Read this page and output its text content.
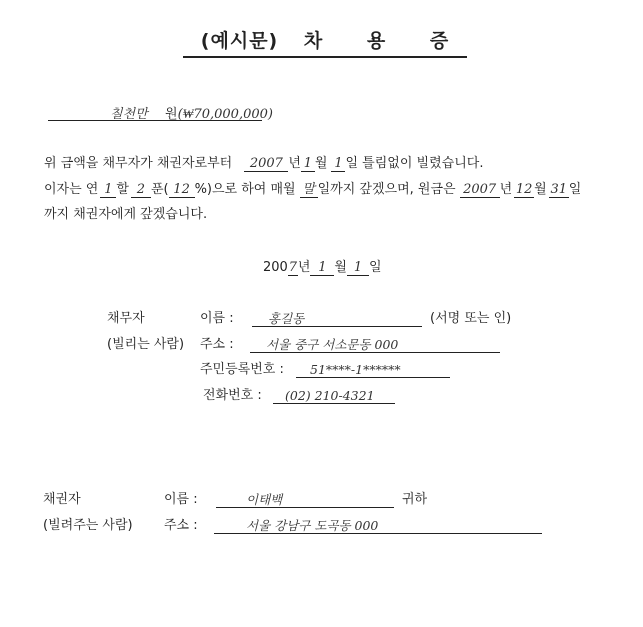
(예시문) 차 용 증
칠천만 원(₩70,000,000)
위 금액을 채무자가 채권자로부터 2007 년 1 월 1 일 틀림없이 빌렸습니다.
이자는 연 1 할 2 푼( 12 %)으로 하여 매월 말 일까지 갚겠으며, 원금은 2007 년 12 월 31 일
까지 채권자에게 갚겠습니다.
2007년 1 월 1 일
채무자
(빌리는 사람)
이름 :	홍길동	(서명 또는 인)
주소 :	서울 중구 서소문동 000
주민등록번호 :	51****-1******
전화번호 :	(02) 210-4321
채권자
(빌려주는 사람)
이름 :	이태백	귀하
주소 :	서울 강남구 도곡동 000
